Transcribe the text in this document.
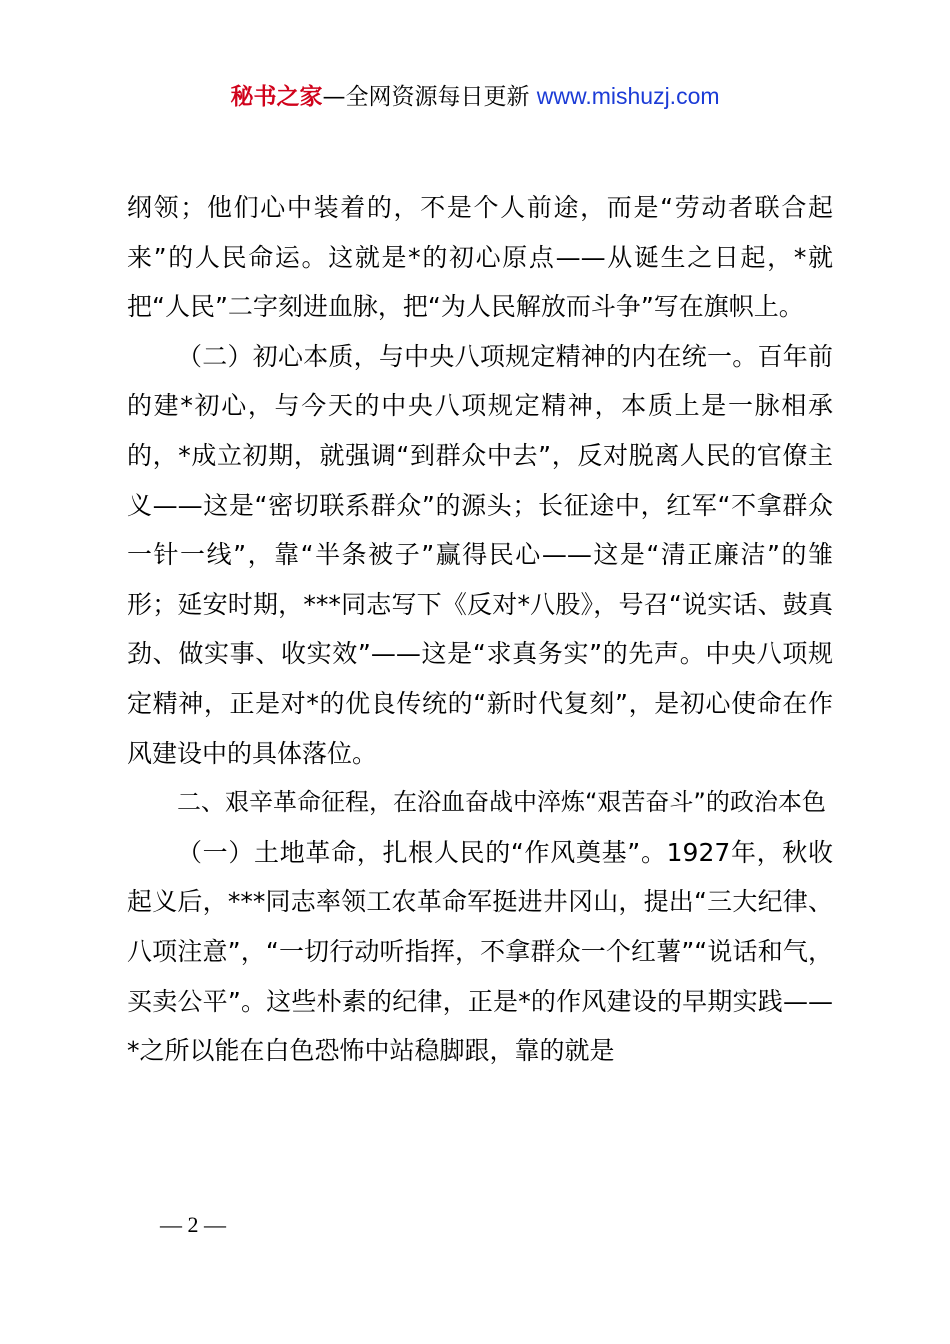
秘书之家—全网资源每日更新 www.mishuzj.com

纲领；他们心中装着的，不是个人前途，而是“劳动者联合起来”的人民命运。这就是*的初心原点——从诞生之日起，*就把“人民”二字刻进血脉，把“为人民解放而斗争”写在旗帜上。

（二）初心本质，与中央八项规定精神的内在统一。百年前的建*初心，与今天的中央八项规定精神，本质上是一脉相承的，*成立初期，就强调“到群众中去”，反对脱离人民的官僚主义——这是“密切联系群众”的源头；长征途中，红军“不拿群众一针一线”，靠“半条被子”赢得民心——这是“清正廉洁”的雏形；延安时期，***同志写下《反对*八股》，号召“说实话、鼓真劲、做实事、收实效”——这是“求真务实”的先声。中央八项规定精神，正是对*的优良传统的“新时代复刻”，是初心使命在作风建设中的具体落位。

二、艰辛革命征程，在浴血奋战中淬炼“艰苦奋斗”的政治本色

（一）土地革命，扎根人民的“作风奠基”。1927年，秋收起义后，***同志率领工农革命军挺进井冈山，提出“三大纪律、八项注意”，“一切行动听指挥，不拿群众一个红薯”“说话和气，买卖公平”。这些朴素的纪律，正是*的作风建设的早期实践——*之所以能在白色恐怖中站稳脚跟，靠的就是

— 2 —
